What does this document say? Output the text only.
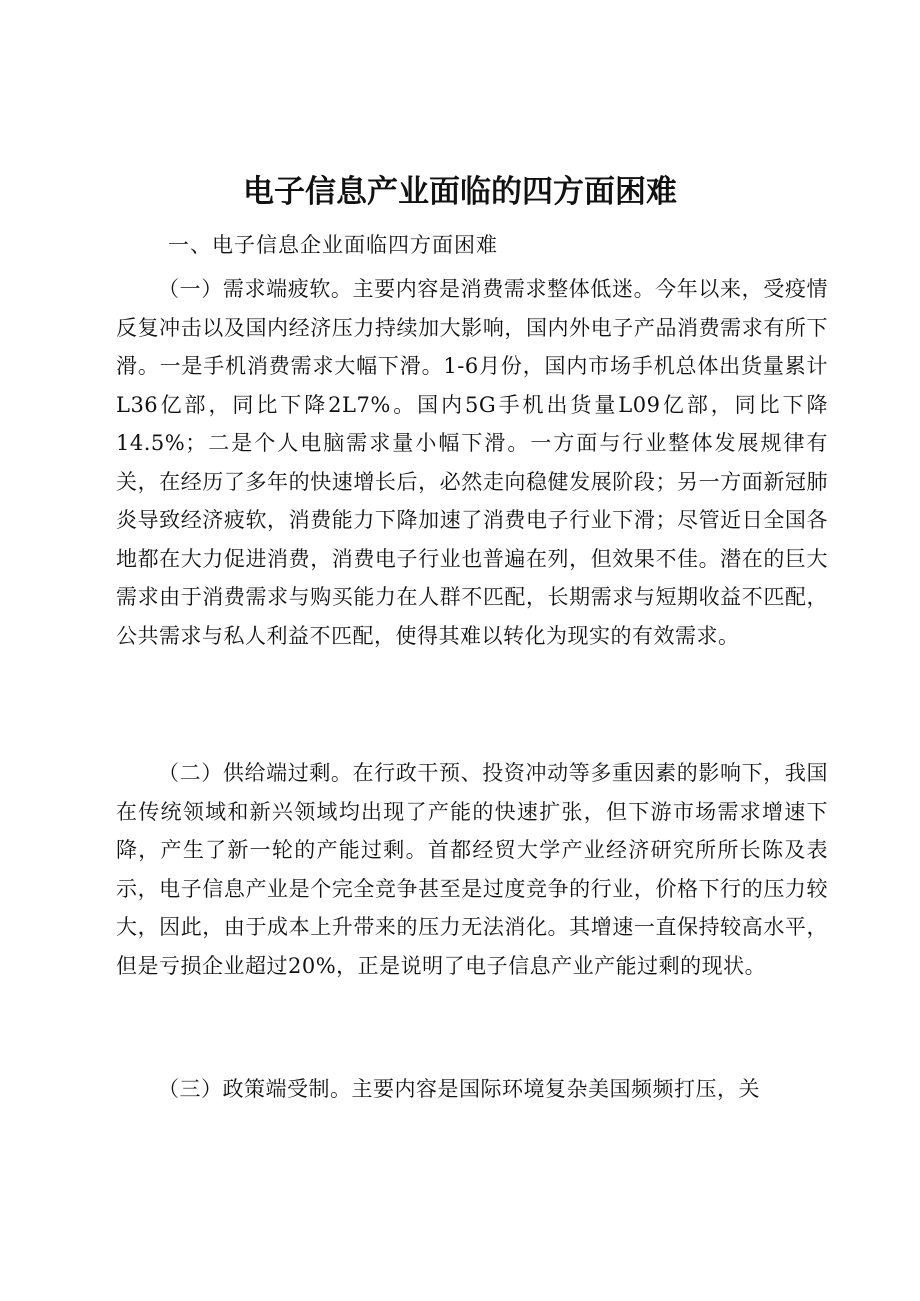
电子信息产业面临的四方面困难
一、电子信息企业面临四方面困难

（一）需求端疲软。主要内容是消费需求整体低迷。今年以来，受疫情反复冲击以及国内经济压力持续加大影响，国内外电子产品消费需求有所下滑。一是手机消费需求大幅下滑。1-6月份，国内市场手机总体出货量累计L36亿部，同比下降2L7%。国内5G手机出货量L09亿部，同比下降14.5%；二是个人电脑需求量小幅下滑。一方面与行业整体发展规律有关，在经历了多年的快速增长后，必然走向稳健发展阶段；另一方面新冠肺炎导致经济疲软，消费能力下降加速了消费电子行业下滑；尽管近日全国各地都在大力促进消费，消费电子行业也普遍在列，但效果不佳。潜在的巨大需求由于消费需求与购买能力在人群不匹配，长期需求与短期收益不匹配，公共需求与私人利益不匹配，使得其难以转化为现实的有效需求。

（二）供给端过剩。在行政干预、投资冲动等多重因素的影响下，我国在传统领域和新兴领域均出现了产能的快速扩张，但下游市场需求增速下降，产生了新一轮的产能过剩。首都经贸大学产业经济研究所所长陈及表示，电子信息产业是个完全竞争甚至是过度竞争的行业，价格下行的压力较大，因此，由于成本上升带来的压力无法消化。其增速一直保持较高水平，但是亏损企业超过20%，正是说明了电子信息产业产能过剩的现状。

（三）政策端受制。主要内容是国际环境复杂美国频频打压，关
